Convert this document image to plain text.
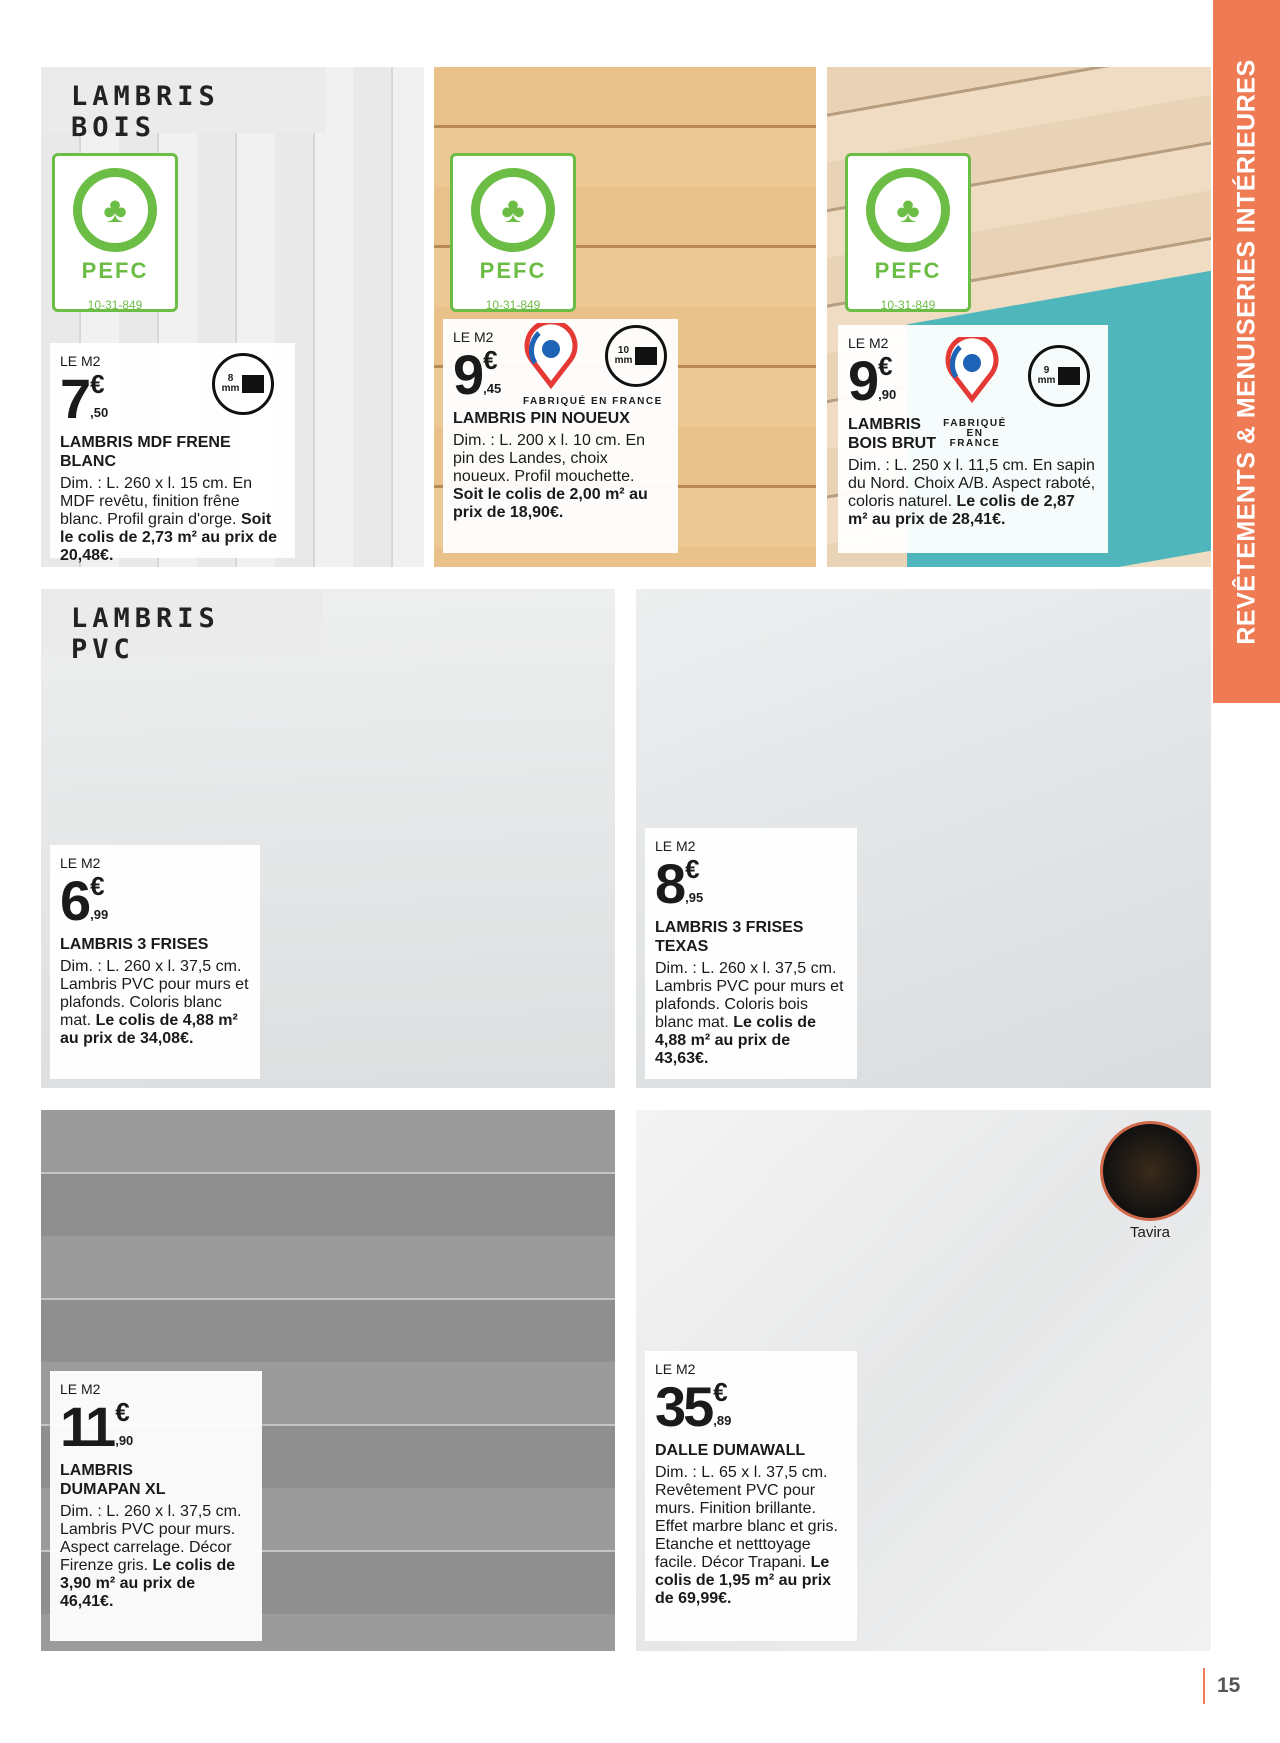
REVÊTEMENTS & MENUISERIES INTÉRIEURES
LAMBRIS BOIS
♣
PEFC
10-31-849
♣
PEFC
10-31-849
♣
PEFC
10-31-849
LE M2
7 €
,50
8
mm
LAMBRIS MDF FRENE BLANC
Dim. : L. 260 x l. 15 cm. En MDF revêtu, finition frêne blanc. Profil grain d'orge. Soit le colis de 2,73 m² au prix de 20,48€.
LE M2
9 €
,45
FABRIQUÉ EN FRANCE
10
mm
LAMBRIS PIN NOUEUX
Dim. : L. 200 x l. 10 cm. En pin des Landes, choix noueux. Profil mouchette. Soit le colis de 2,00 m² au prix de 18,90€.
LE M2
9 €
,90
FABRIQUÉ EN FRANCE
9
mm
LAMBRIS BOIS BRUT
Dim. : L. 250 x l. 11,5 cm. En sapin du Nord. Choix A/B. Aspect raboté, coloris naturel. Le colis de 2,87 m² au prix de 28,41€.
LAMBRIS PVC
LE M2
6 €
,99
LAMBRIS 3 FRISES
Dim. : L. 260 x l. 37,5 cm. Lambris PVC pour murs et plafonds. Coloris blanc mat. Le colis de 4,88 m² au prix de 34,08€.
LE M2
8 €
,95
LAMBRIS 3 FRISES TEXAS
Dim. : L. 260 x l. 37,5 cm. Lambris PVC pour murs et plafonds. Coloris bois blanc mat. Le colis de 4,88 m² au prix de 43,63€.
Tavira
LE M2
11 €
,90
LAMBRIS DUMAPAN XL
Dim. : L. 260 x l. 37,5 cm. Lambris PVC pour murs. Aspect carrelage. Décor Firenze gris. Le colis de 3,90 m² au prix de 46,41€.
LE M2
35 €
,89
DALLE DUMAWALL
Dim. : L. 65 x l. 37,5 cm. Revêtement PVC pour murs. Finition brillante. Effet marbre blanc et gris. Etanche et netttoyage facile. Décor Trapani. Le colis de 1,95 m² au prix de 69,99€.
15
